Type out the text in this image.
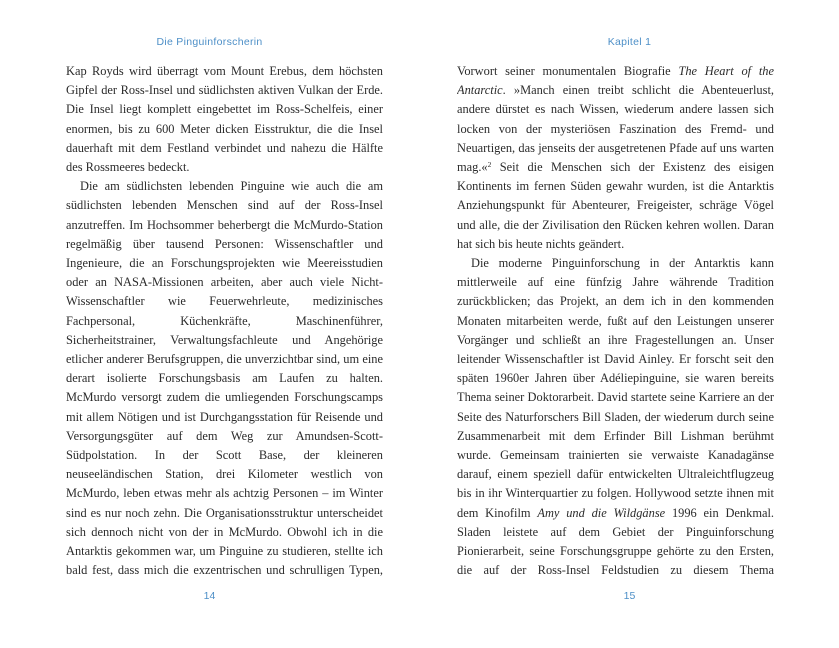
Die Pinguinforscherin

Kap Royds wird überragt vom Mount Erebus, dem höchsten Gipfel der Ross-Insel und südlichsten aktiven Vulkan der Erde. Die Insel liegt komplett eingebettet im Ross-Schelfeis, einer enormen, bis zu 600 Meter dicken Eisstruktur, die die Insel dauerhaft mit dem Festland verbindet und nahezu die Hälfte des Rossmeeres bedeckt.

Die am südlichsten lebenden Pinguine wie auch die am südlichsten lebenden Menschen sind auf der Ross-Insel anzutreffen. Im Hochsommer beherbergt die McMurdo-Station regelmäßig über tausend Personen: Wissenschaftler und Ingenieure, die an Forschungsprojekten wie Meereisstudien oder an NASA-Missionen arbeiten, aber auch viele Nicht-Wissenschaftler wie Feuerwehrleute, medizinisches Fachpersonal, Küchenkräfte, Maschinenführer, Sicherheitstrainer, Verwaltungsfachleute und Angehörige etlicher anderer Berufsgruppen, die unverzichtbar sind, um eine derart isolierte Forschungsbasis am Laufen zu halten. McMurdo versorgt zudem die umliegenden Forschungscamps mit allem Nötigen und ist Durchgangsstation für Reisende und Versorgungsgüter auf dem Weg zur Amundsen-Scott-Südpolstation. In der Scott Base, der kleineren neuseeländischen Station, drei Kilometer westlich von McMurdo, leben etwas mehr als achtzig Personen – im Winter sind es nur noch zehn. Die Organisationsstruktur unterscheidet sich dennoch nicht von der in McMurdo. Obwohl ich in die Antarktis gekommen war, um Pinguine zu studieren, stellte ich bald fest, dass mich die exzentrischen und schrulligen Typen,

14
Kapitel 1

Vorwort seiner monumentalen Biografie The Heart of the Antarctic. »Manch einen treibt schlicht die Abenteuerlust, andere dürstet es nach Wissen, wiederum andere lassen sich locken von der mysteriösen Faszination des Fremd- und Neuartigen, das jenseits der ausgetretenen Pfade auf uns warten mag.«$^2$ Seit die Menschen sich der Existenz des eisigen Kontinents im fernen Süden gewahr wurden, ist die Antarktis Anziehungspunkt für Abenteurer, Freigeister, schräge Vögel und alle, die der Zivilisation den Rücken kehren wollen. Daran hat sich bis heute nichts geändert.

Die moderne Pinguinforschung in der Antarktis kann mittlerweile auf eine fünfzig Jahre währende Tradition zurückblicken; das Projekt, an dem ich in den kommenden Monaten mitarbeiten werde, fußt auf den Leistungen unserer Vorgänger und schließt an ihre Fragestellungen an. Unser leitender Wissenschaftler ist David Ainley. Er forscht seit den späten 1960er Jahren über Adéliepinguine, sie waren bereits Thema seiner Doktorarbeit. David startete seine Karriere an der Seite des Naturforschers Bill Sladen, der wiederum durch seine Zusammenarbeit mit dem Erfinder Bill Lishman berühmt wurde. Gemeinsam trainierten sie verwaiste Kanadagänse darauf, einem speziell dafür entwickelten Ultraleichtflugzeug bis in ihr Winterquartier zu folgen. Hollywood setzte ihnen mit dem Kinofilm Amy und die Wildgänse 1996 ein Denkmal. Sladen leistete auf dem Gebiet der Pinguinforschung Pionierarbeit, seine Forschungsgruppe gehörte zu den Ersten, die auf der Ross-Insel Feldstudien zu diesem Thema

15
